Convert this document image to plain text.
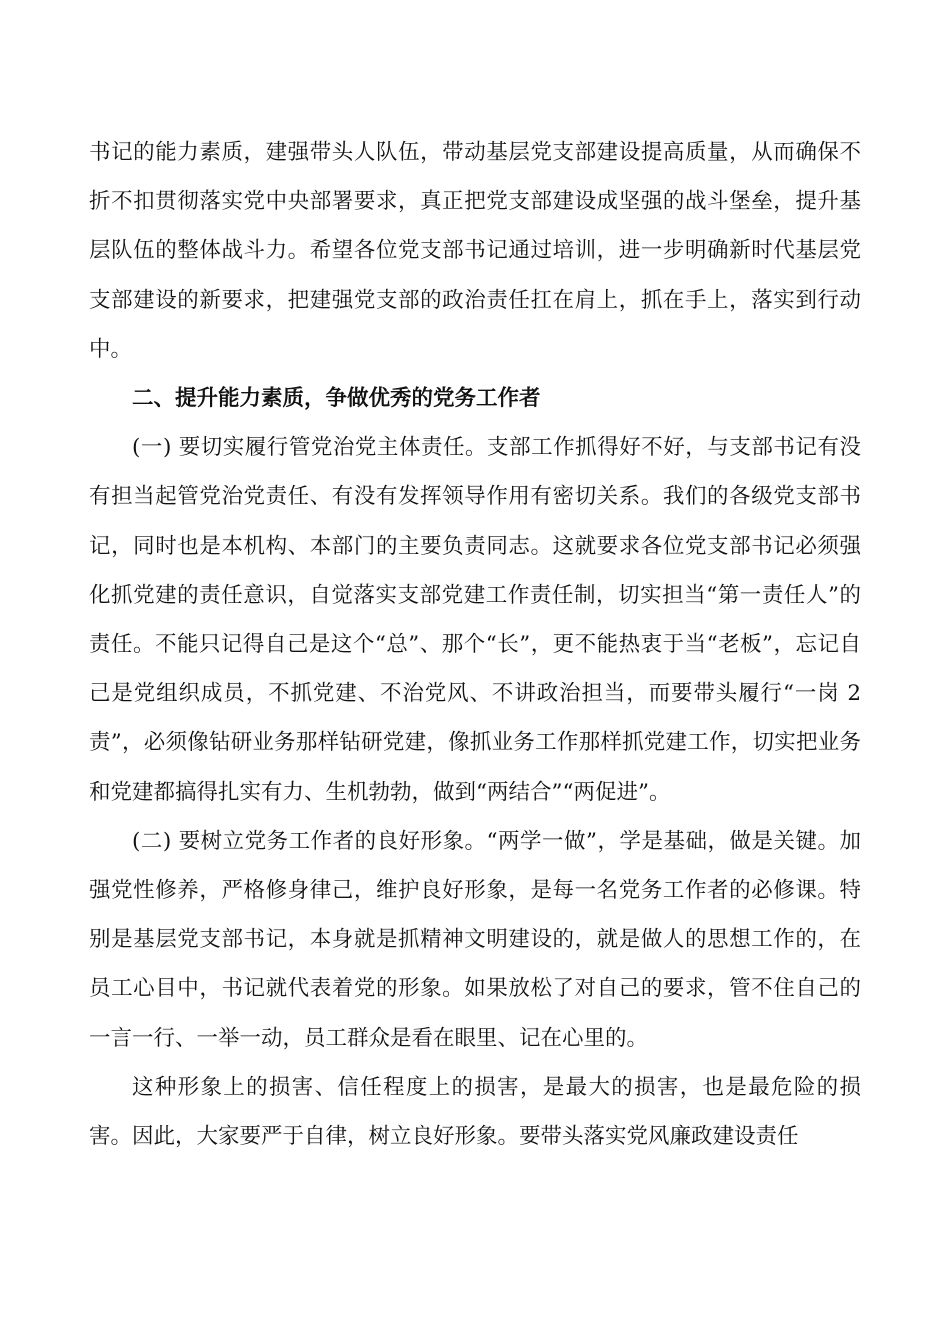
书记的能力素质，建强带头人队伍，带动基层党支部建设提高质量，从而确保不折不扣贯彻落实党中央部署要求，真正把党支部建设成坚强的战斗堡垒，提升基层队伍的整体战斗力。希望各位党支部书记通过培训，进一步明确新时代基层党支部建设的新要求，把建强党支部的政治责任扛在肩上，抓在手上，落实到行动中。

二、提升能力素质，争做优秀的党务工作者

(一) 要切实履行管党治党主体责任。支部工作抓得好不好，与支部书记有没有担当起管党治党责任、有没有发挥领导作用有密切关系。我们的各级党支部书记，同时也是本机构、本部门的主要负责同志。这就要求各位党支部书记必须强化抓党建的责任意识，自觉落实支部党建工作责任制，切实担当“第一责任人”的责任。不能只记得自己是这个“总”、那个“长”，更不能热衷于当“老板”，忘记自己是党组织成员，不抓党建、不治党风、不讲政治担当，而要带头履行“一岗 2 责”，必须像钻研业务那样钻研党建，像抓业务工作那样抓党建工作，切实把业务和党建都搞得扎实有力、生机勃勃，做到“两结合”“两促进”。

(二) 要树立党务工作者的良好形象。“两学一做”，学是基础，做是关键。加强党性修养，严格修身律己，维护良好形象，是每一名党务工作者的必修课。特别是基层党支部书记，本身就是抓精神文明建设的，就是做人的思想工作的，在员工心目中，书记就代表着党的形象。如果放松了对自己的要求，管不住自己的一言一行、一举一动，员工群众是看在眼里、记在心里的。

这种形象上的损害、信任程度上的损害，是最大的损害，也是最危险的损害。因此，大家要严于自律，树立良好形象。要带头落实党风廉政建设责任
